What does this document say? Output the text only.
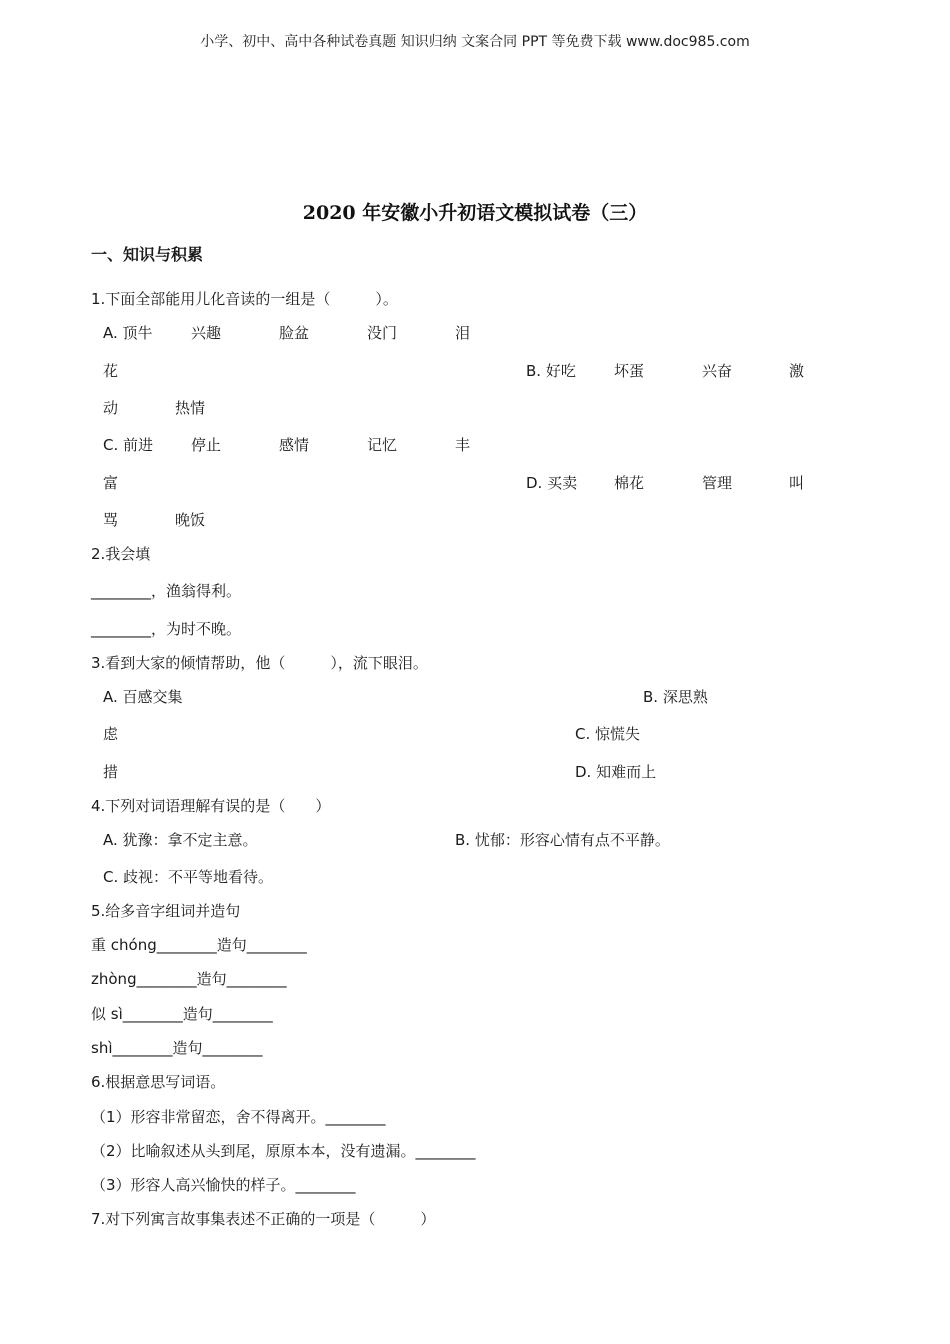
小学、初中、高中各种试卷真题 知识归纳 文案合同 PPT 等免费下载 www.doc985.com
2020 年安徽小升初语文模拟试卷（三）
一、知识与积累
1.下面全部能用儿化音读的一组是（　　　）。
A. 顶牛	兴趣	脸盆	没门	泪
花	B. 好吃	坏蛋	兴奋	激
动	热情
C. 前进	停止	感情	记忆	丰
富	D. 买卖 棉花	管理	叫
骂	晚饭
2.我会填
________，渔翁得利。
________，为时不晚。
3.看到大家的倾情帮助，他（　　　），流下眼泪。
A. 百感交集	B. 深思熟
虑	C. 惊慌失
措	D. 知难而上
4.下列对词语理解有误的是（　　）
A. 犹豫：拿不定主意。	B. 忧郁：形容心情有点不平静。
C. 歧视：不平等地看待。
5.给多音字组词并造句
重 chóng________造句________
zhòng________造句________
似 sì________造句________
shì________造句________
6.根据意思写词语。
（1）形容非常留恋，舍不得离开。________
（2）比喻叙述从头到尾，原原本本，没有遗漏。________
（3）形容人高兴愉快的样子。________
7.对下列寓言故事集表述不正确的一项是（　　　）
